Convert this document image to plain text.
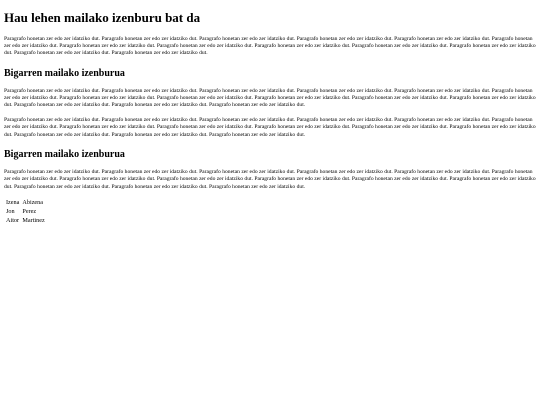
Hau lehen mailako izenburu bat da

Paragrafo honetan zer edo zer idatziko dut. Paragrafo honetan zer edo zer idatziko dut. Paragrafo honetan zer edo zer idatziko dut. Paragrafo honetan zer edo zer idatziko dut. Paragrafo honetan zer edo zer idatziko dut. Paragrafo honetan zer edo zer idatziko dut. Paragrafo honetan zer edo zer idatziko dut. Paragrafo honetan zer edo zer idatziko dut. Paragrafo honetan zer edo zer idatziko dut. Paragrafo honetan zer edo zer idatziko dut. Paragrafo honetan zer edo zer idatziko dut. Paragrafo honetan zer edo zer idatziko dut. Paragrafo honetan zer edo zer idatziko dut.

Bigarren mailako izenburua

Paragrafo honetan zer edo zer idatziko dut. Paragrafo honetan zer edo zer idatziko dut. Paragrafo honetan zer edo zer idatziko dut. Paragrafo honetan zer edo zer idatziko dut. Paragrafo honetan zer edo zer idatziko dut. Paragrafo honetan zer edo zer idatziko dut. Paragrafo honetan zer edo zer idatziko dut. Paragrafo honetan zer edo zer idatziko dut. Paragrafo honetan zer edo zer idatziko dut. Paragrafo honetan zer edo zer idatziko dut. Paragrafo honetan zer edo zer idatziko dut. Paragrafo honetan zer edo zer idatziko dut. Paragrafo honetan zer edo zer idatziko dut. Paragrafo honetan zer edo zer idatziko dut.

Paragrafo honetan zer edo zer idatziko dut. Paragrafo honetan zer edo zer idatziko dut. Paragrafo honetan zer edo zer idatziko dut. Paragrafo honetan zer edo zer idatziko dut. Paragrafo honetan zer edo zer idatziko dut. Paragrafo honetan zer edo zer idatziko dut. Paragrafo honetan zer edo zer idatziko dut. Paragrafo honetan zer edo zer idatziko dut. Paragrafo honetan zer edo zer idatziko dut. Paragrafo honetan zer edo zer idatziko dut. Paragrafo honetan zer edo zer idatziko dut. Paragrafo honetan zer edo zer idatziko dut. Paragrafo honetan zer edo zer idatziko dut. Paragrafo honetan zer edo zer idatziko dut.

Bigarren mailako izenburua

Paragrafo honetan zer edo zer idatziko dut. Paragrafo honetan zer edo zer idatziko dut. Paragrafo honetan zer edo zer idatziko dut. Paragrafo honetan zer edo zer idatziko dut. Paragrafo honetan zer edo zer idatziko dut. Paragrafo honetan zer edo zer idatziko dut. Paragrafo honetan zer edo zer idatziko dut. Paragrafo honetan zer edo zer idatziko dut. Paragrafo honetan zer edo zer idatziko dut. Paragrafo honetan zer edo zer idatziko dut. Paragrafo honetan zer edo zer idatziko dut. Paragrafo honetan zer edo zer idatziko dut. Paragrafo honetan zer edo zer idatziko dut. Paragrafo honetan zer edo zer idatziko dut.

Izena	Abizena
Jon	Perez
Aitor	Martinez
